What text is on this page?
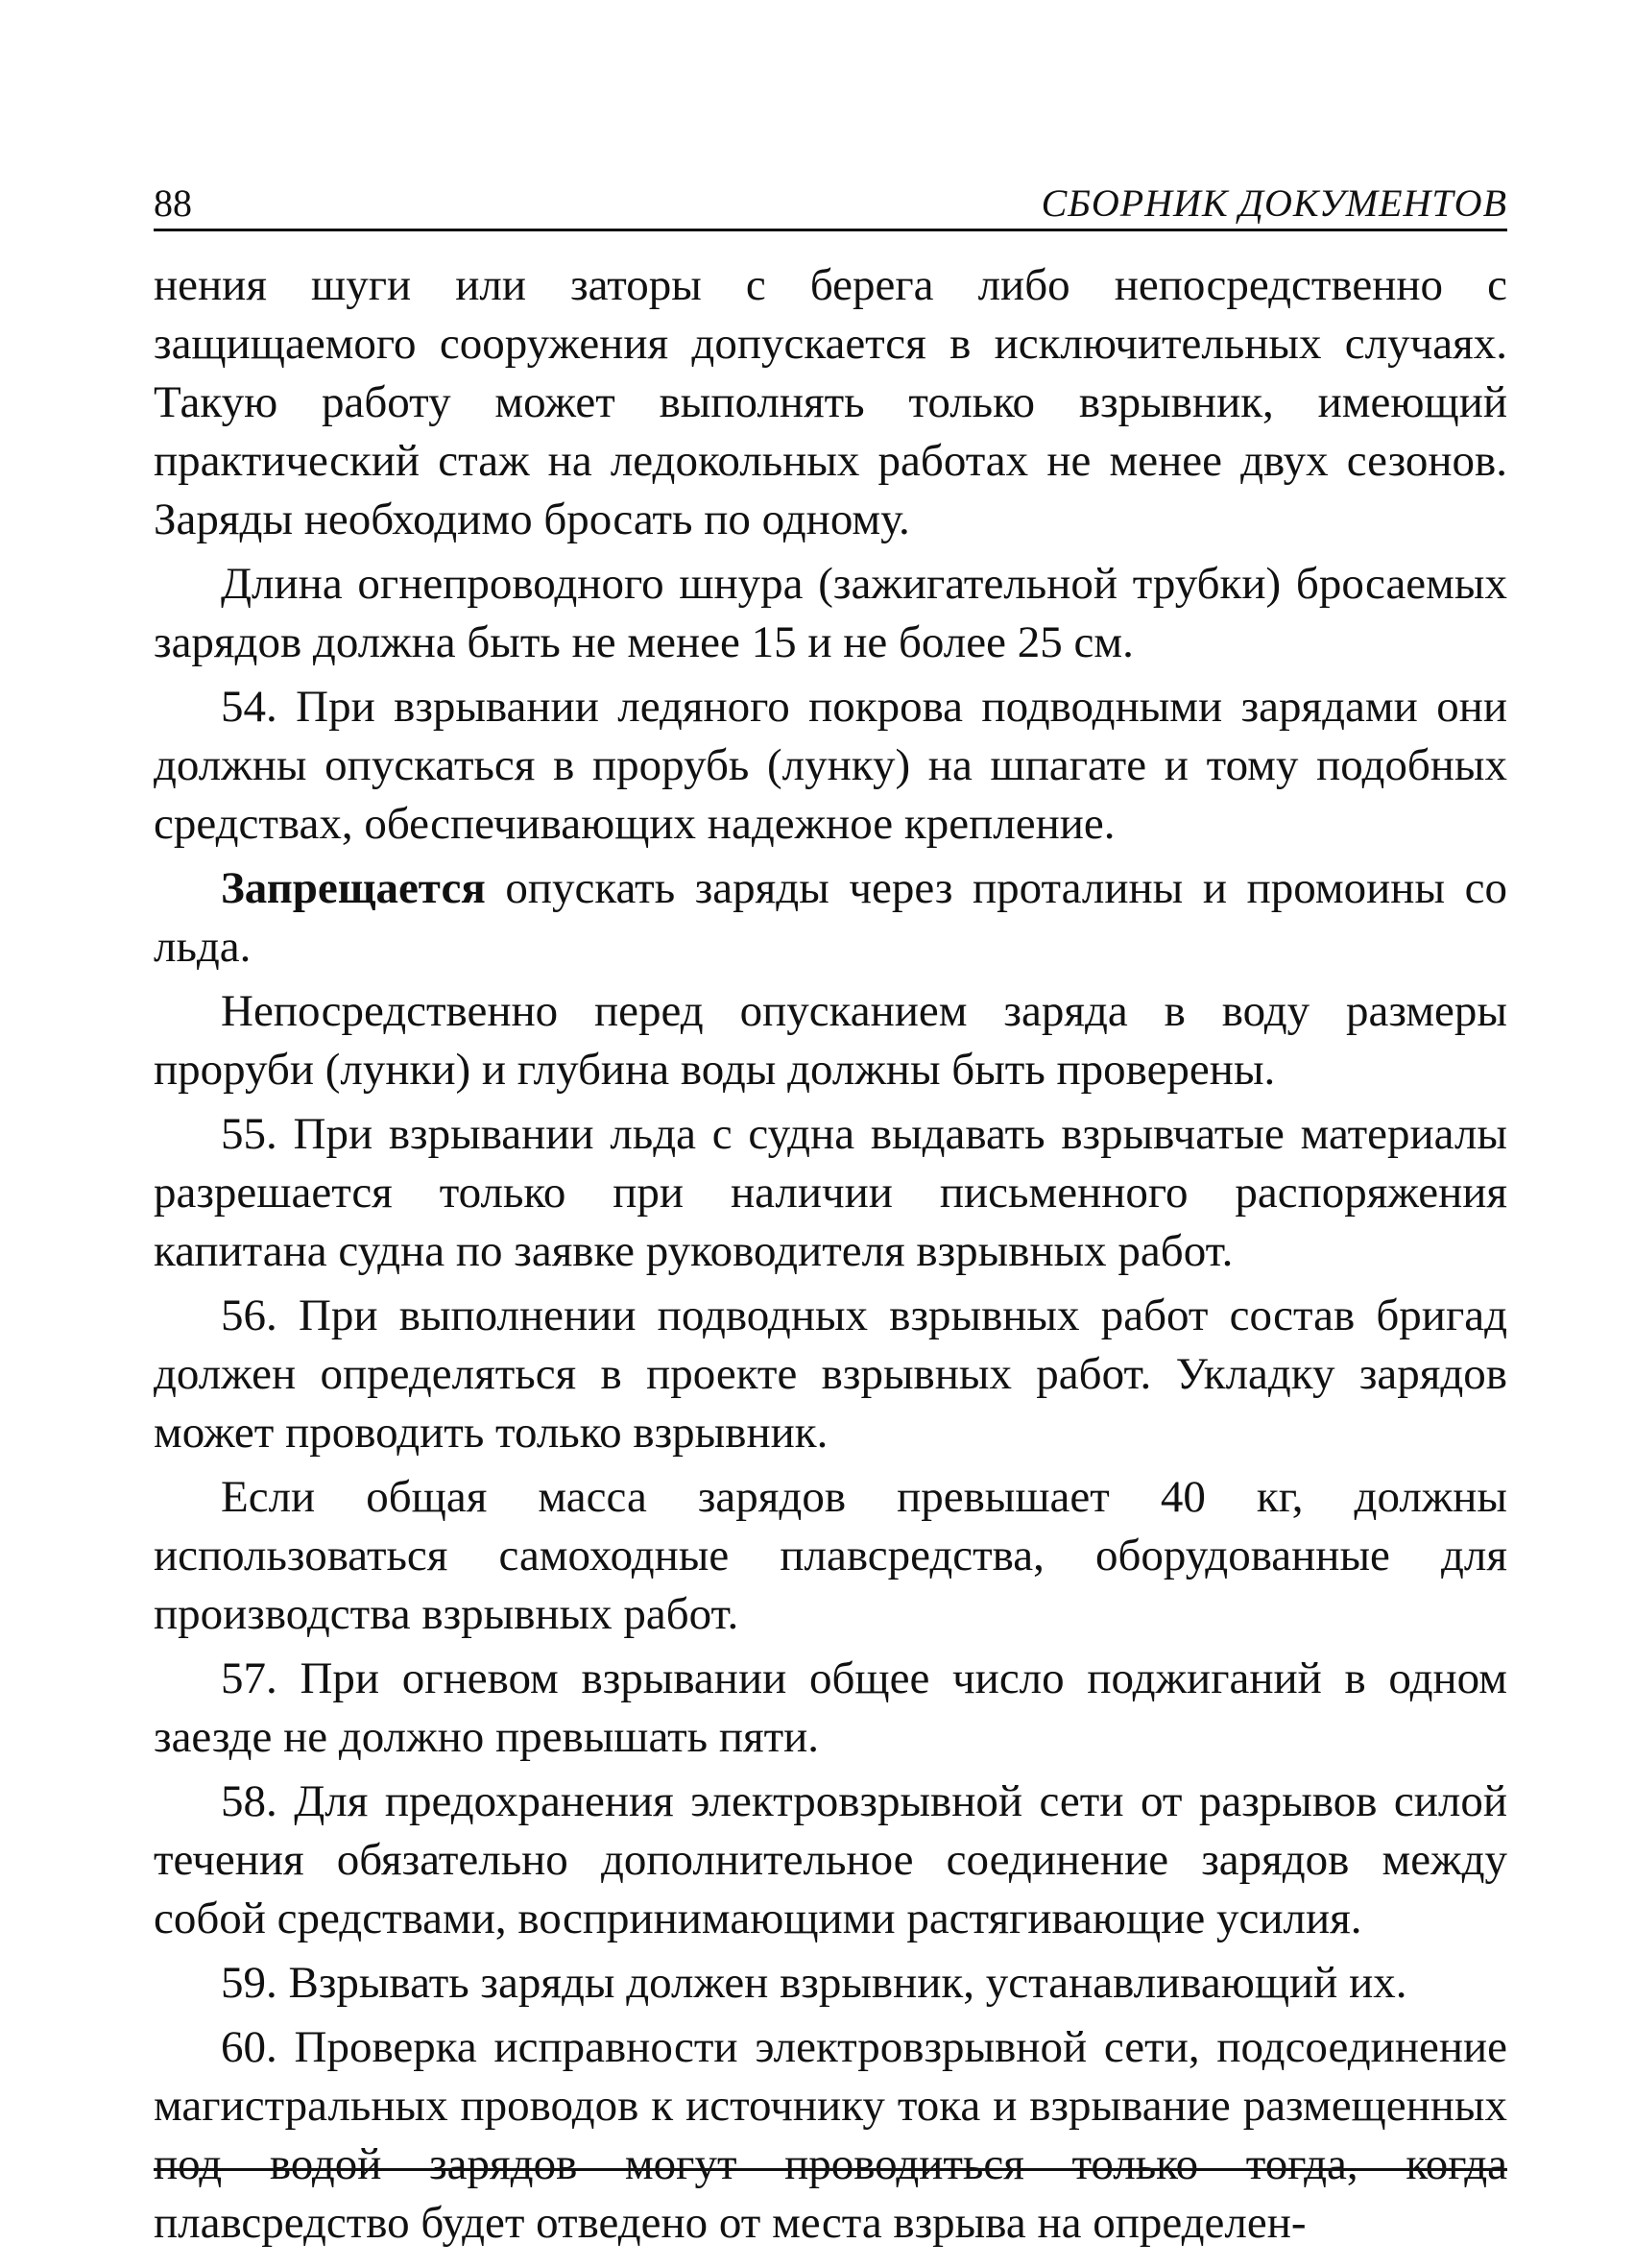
88	СБОРНИК ДОКУМЕНТОВ

нения шуги или заторы с берега либо непосредственно с защищаемого сооружения допускается в исключительных случаях. Такую работу может выполнять только взрывник, имеющий практический стаж на ледокольных работах не менее двух сезонов. Заряды необходимо бросать по одному.

Длина огнепроводного шнура (зажигательной трубки) бросаемых зарядов должна быть не менее 15 и не более 25 см.

54. При взрывании ледяного покрова подводными зарядами они должны опускаться в прорубь (лунку) на шпагате и тому подобных средствах, обеспечивающих надежное крепление.

Запрещается опускать заряды через проталины и промоины со льда.

Непосредственно перед опусканием заряда в воду размеры проруби (лунки) и глубина воды должны быть проверены.

55. При взрывании льда с судна выдавать взрывчатые материалы разрешается только при наличии письменного распоряжения капитана судна по заявке руководителя взрывных работ.

56. При выполнении подводных взрывных работ состав бригад должен определяться в проекте взрывных работ. Укладку зарядов может проводить только взрывник.

Если общая масса зарядов превышает 40 кг, должны использоваться самоходные плавсредства, оборудованные для производства взрывных работ.

57. При огневом взрывании общее число поджиганий в одном заезде не должно превышать пяти.

58. Для предохранения электровзрывной сети от разрывов силой течения обязательно дополнительное соединение зарядов между собой средствами, воспринимающими растягивающие усилия.

59. Взрывать заряды должен взрывник, устанавливающий их.

60. Проверка исправности электровзрывной сети, подсоединение магистральных проводов к источнику тока и взрывание размещенных под водой зарядов могут проводиться только тогда, когда плавсредство будет отведено от места взрыва на определен-
